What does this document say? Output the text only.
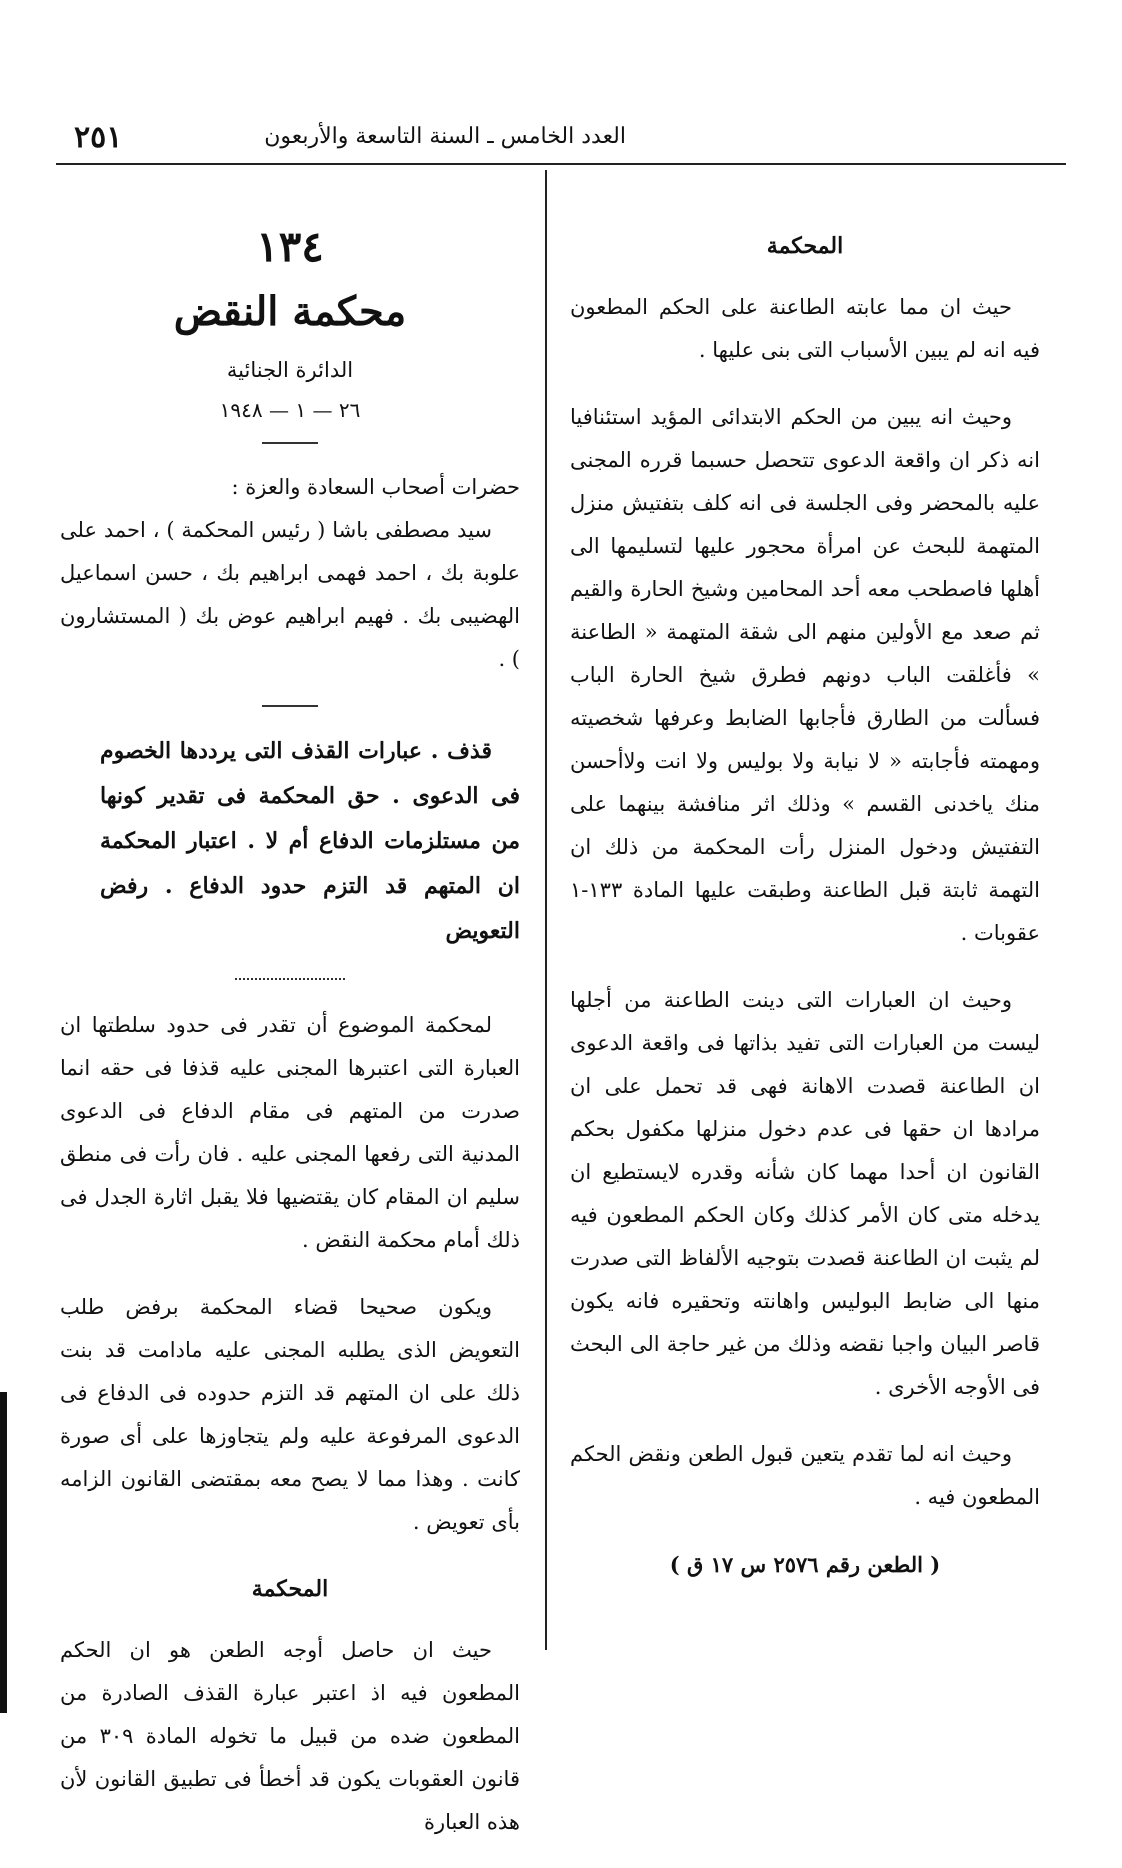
٢٥١	العدد الخامس ـ السنة التاسعة والأربعون
المحكمة

حيث ان مما عابته الطاعنة على الحكم المطعون فيه انه لم يبين الأسباب التى بنى عليها .

وحيث انه يبين من الحكم الابتدائى المؤيد استئنافيا انه ذكر ان واقعة الدعوى تتحصل حسبما قرره المجنى عليه بالمحضر وفى الجلسة فى انه كلف بتفتيش منزل المتهمة للبحث عن امرأة محجور عليها لتسليمها الى أهلها فاصطحب معه أحد المحامين وشيخ الحارة والقيم ثم صعد مع الأولين منهم الى شقة المتهمة « الطاعنة » فأغلقت الباب دونهم فطرق شيخ الحارة الباب فسألت من الطارق فأجابها الضابط وعرفها شخصيته ومهمته فأجابته « لا نيابة ولا بوليس ولا انت ولاأحسن منك ياخدنى القسم » وذلك اثر منافشة بينهما على التفتيش ودخول المنزل رأت المحكمة من ذلك ان التهمة ثابتة قبل الطاعنة وطبقت عليها المادة ١٣٣-١ عقوبات .

وحيث ان العبارات التى دينت الطاعنة من أجلها ليست من العبارات التى تفيد بذاتها فى واقعة الدعوى ان الطاعنة قصدت الاهانة فهى قد تحمل على ان مرادها ان حقها فى عدم دخول منزلها مكفول بحكم القانون ان أحدا مهما كان شأنه وقدره لايستطيع ان يدخله متى كان الأمر كذلك وكان الحكم المطعون فيه لم يثبت ان الطاعنة قصدت بتوجيه الألفاظ التى صدرت منها الى ضابط البوليس واهانته وتحقيره فانه يكون قاصر البيان واجبا نقضه وذلك من غير حاجة الى البحث فى الأوجه الأخرى .

وحيث انه لما تقدم يتعين قبول الطعن ونقض الحكم المطعون فيه .

( الطعن رقم ٢٥٧٦ س ١٧ ق )

١٣٤
محكمة النقض
الدائرة الجنائية
٢٦ — ١ — ١٩٤٨

حضرات أصحاب السعادة والعزة :

سيد مصطفى باشا ( رئيس المحكمة ) ، احمد على علوبة بك ، احمد فهمى ابراهيم بك ، حسن اسماعيل الهضيبى بك . فهيم ابراهيم عوض بك ( المستشارون ) .

قذف . عبارات القذف التى يرددها الخصوم فى الدعوى . حق المحكمة فى تقدير كونها من مستلزمات الدفاع أم لا . اعتبار المحكمة ان المتهم قد التزم حدود الدفاع . رفض التعويض

لمحكمة الموضوع أن تقدر فى حدود سلطتها ان العبارة التى اعتبرها المجنى عليه قذفا فى حقه انما صدرت من المتهم فى مقام الدفاع فى الدعوى المدنية التى رفعها المجنى عليه . فان رأت فى منطق سليم ان المقام كان يقتضيها فلا يقبل اثارة الجدل فى ذلك أمام محكمة النقض .

ويكون صحيحا قضاء المحكمة برفض طلب التعويض الذى يطلبه المجنى عليه مادامت قد بنت ذلك على ان المتهم قد التزم حدوده فى الدفاع فى الدعوى المرفوعة عليه ولم يتجاوزها على أى صورة كانت . وهذا مما لا يصح معه بمقتضى القانون الزامه بأى تعويض .

المحكمة

حيث ان حاصل أوجه الطعن هو ان الحكم المطعون فيه اذ اعتبر عبارة القذف الصادرة من المطعون ضده من قبيل ما تخوله المادة ٣٠٩ من قانون العقوبات يكون قد أخطأ فى تطبيق القانون لأن هذه العبارة
